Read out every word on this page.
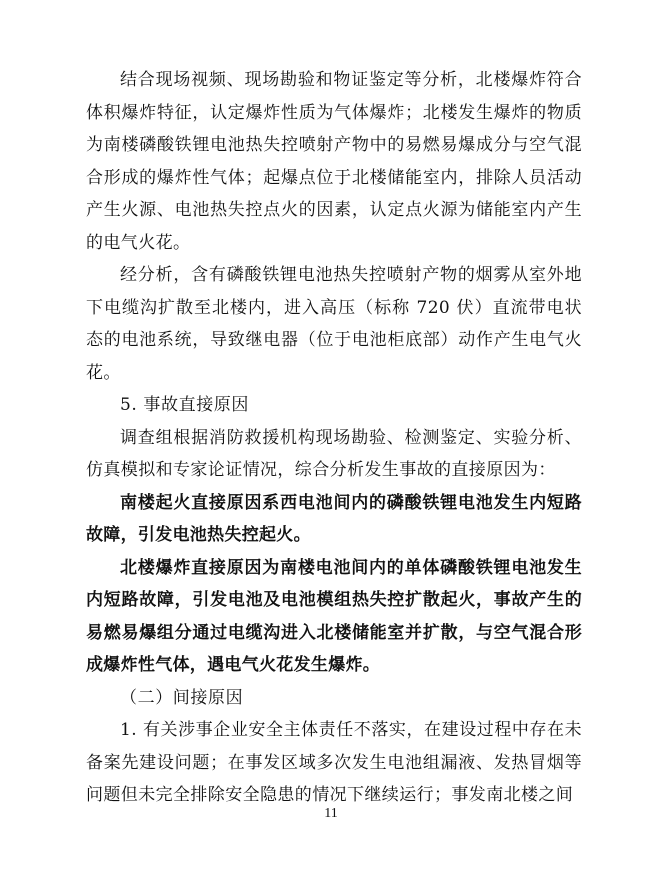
结合现场视频、现场勘验和物证鉴定等分析，北楼爆炸符合体积爆炸特征，认定爆炸性质为气体爆炸；北楼发生爆炸的物质为南楼磷酸铁锂电池热失控喷射产物中的易燃易爆成分与空气混合形成的爆炸性气体；起爆点位于北楼储能室内，排除人员活动产生火源、电池热失控点火的因素，认定点火源为储能室内产生的电气火花。

经分析，含有磷酸铁锂电池热失控喷射产物的烟雾从室外地下电缆沟扩散至北楼内，进入高压（标称 720 伏）直流带电状态的电池系统，导致继电器（位于电池柜底部）动作产生电气火花。

5. 事故直接原因

调查组根据消防救援机构现场勘验、检测鉴定、实验分析、仿真模拟和专家论证情况，综合分析发生事故的直接原因为：

南楼起火直接原因系西电池间内的磷酸铁锂电池发生内短路故障，引发电池热失控起火。

北楼爆炸直接原因为南楼电池间内的单体磷酸铁锂电池发生内短路故障，引发电池及电池模组热失控扩散起火，事故产生的易燃易爆组分通过电缆沟进入北楼储能室并扩散，与空气混合形成爆炸性气体，遇电气火花发生爆炸。

（二）间接原因

1. 有关涉事企业安全主体责任不落实，在建设过程中存在未备案先建设问题；在事发区域多次发生电池组漏液、发热冒烟等问题但未完全排除安全隐患的情况下继续运行；事发南北楼之间

11
